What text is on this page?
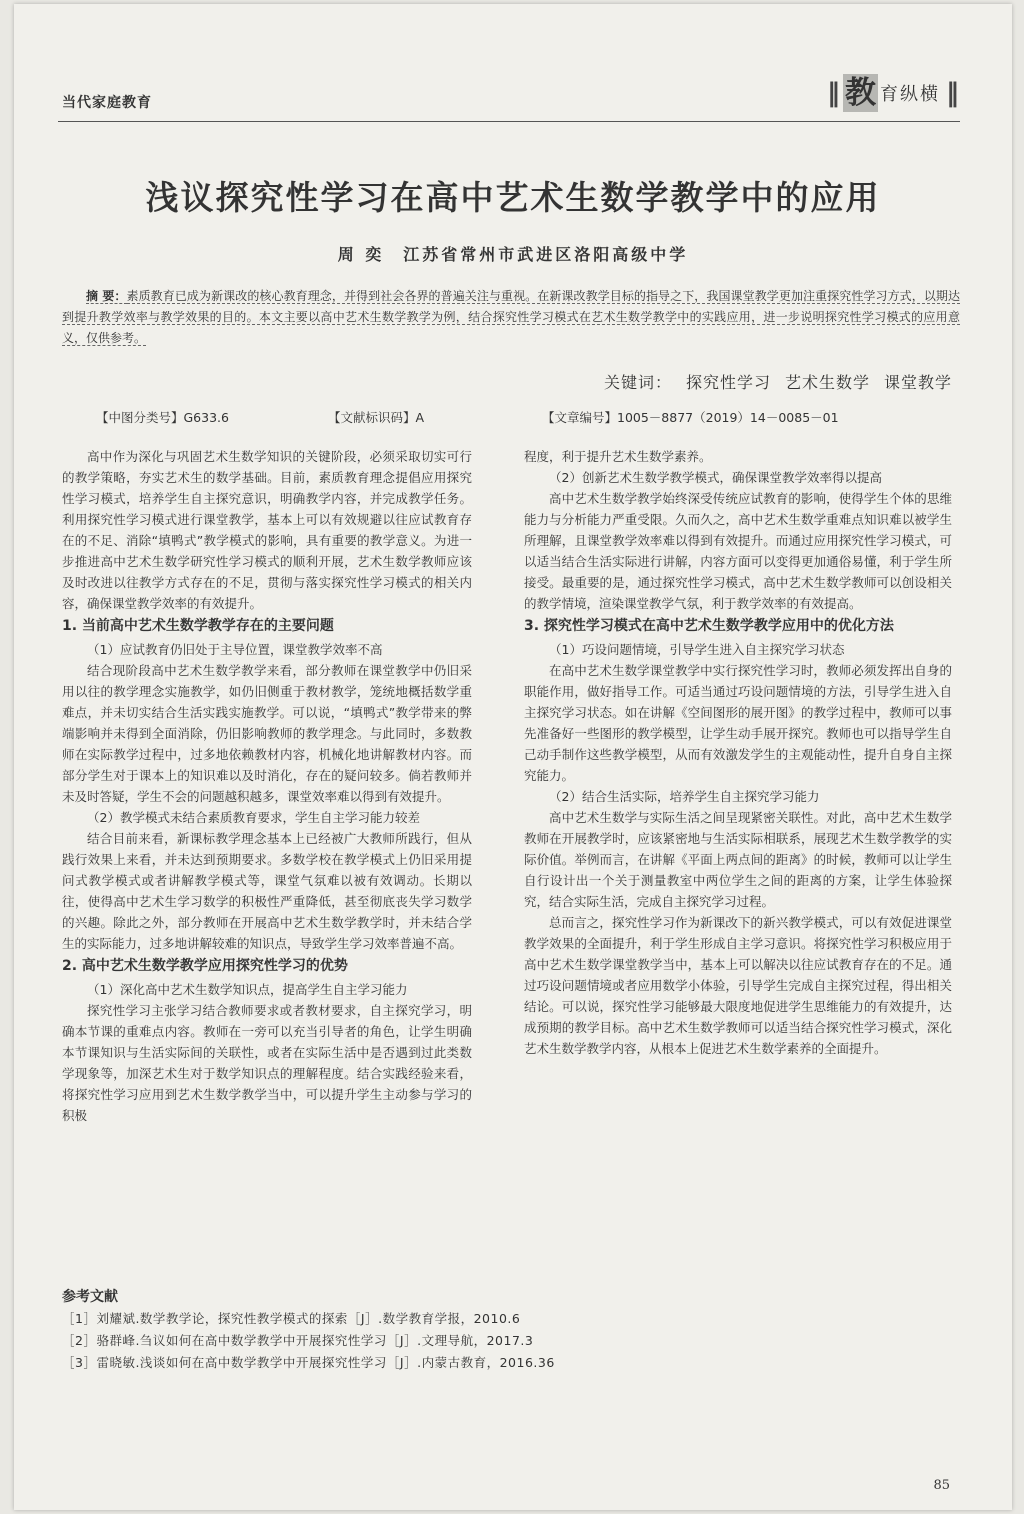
当代家庭教育	‖ 教 育纵横 ‖
浅议探究性学习在高中艺术生数学教学中的应用
周 奕　江苏省常州市武进区洛阳高级中学
摘 要：素质教育已成为新课改的核心教育理念，并得到社会各界的普遍关注与重视。在新课改教学目标的指导之下，我国课堂教学更加注重探究性学习方式，以期达到提升教学效率与教学效果的目的。本文主要以高中艺术生数学教学为例，结合探究性学习模式在艺术生数学教学中的实践应用，进一步说明探究性学习模式的应用意义，仅供参考。
关键词： 探究性学习 艺术生数学 课堂教学
【中图分类号】G633.6	【文献标识码】A	【文章编号】1005－8877（2019）14－0085－01

高中作为深化与巩固艺术生数学知识的关键阶段，必须采取切实可行的教学策略，夯实艺术生的数学基础。目前，素质教育理念提倡应用探究性学习模式，培养学生自主探究意识，明确教学内容，并完成教学任务。利用探究性学习模式进行课堂教学，基本上可以有效规避以往应试教育存在的不足、消除“填鸭式”教学模式的影响，具有重要的教学意义。为进一步推进高中艺术生数学研究性学习模式的顺利开展，艺术生数学教师应该及时改进以往教学方式存在的不足，贯彻与落实探究性学习模式的相关内容，确保课堂教学效率的有效提升。

1. 当前高中艺术生数学教学存在的主要问题
（1）应试教育仍旧处于主导位置，课堂教学效率不高

结合现阶段高中艺术生数学教学来看，部分教师在课堂教学中仍旧采用以往的教学理念实施教学，如仍旧侧重于教材教学，笼统地概括数学重难点，并未切实结合生活实践实施教学。可以说，“填鸭式”教学带来的弊端影响并未得到全面消除，仍旧影响教师的教学理念。与此同时，多数教师在实际教学过程中，过多地依赖教材内容，机械化地讲解教材内容。而部分学生对于课本上的知识难以及时消化，存在的疑问较多。倘若教师并未及时答疑，学生不会的问题越积越多，课堂效率难以得到有效提升。

（2）教学模式未结合素质教育要求，学生自主学习能力较差

结合目前来看，新课标教学理念基本上已经被广大教师所践行，但从践行效果上来看，并未达到预期要求。多数学校在教学模式上仍旧采用提问式教学模式或者讲解教学模式等，课堂气氛难以被有效调动。长期以往，使得高中艺术生学习数学的积极性严重降低，甚至彻底丧失学习数学的兴趣。除此之外，部分教师在开展高中艺术生数学教学时，并未结合学生的实际能力，过多地讲解较难的知识点，导致学生学习效率普遍不高。

2. 高中艺术生数学教学应用探究性学习的优势
（1）深化高中艺术生数学知识点，提高学生自主学习能力

探究性学习主张学习结合教师要求或者教材要求，自主探究学习，明确本节课的重难点内容。教师在一旁可以充当引导者的角色，让学生明确本节课知识与生活实际间的关联性，或者在实际生活中是否遇到过此类数学现象等，加深艺术生对于数学知识点的理解程度。结合实践经验来看，将探究性学习应用到艺术生数学教学当中，可以提升学生主动参与学习的积极

程度，利于提升艺术生数学素养。

（2）创新艺术生数学教学模式，确保课堂教学效率得以提高

高中艺术生数学教学始终深受传统应试教育的影响，使得学生个体的思维能力与分析能力严重受限。久而久之，高中艺术生数学重难点知识难以被学生所理解，且课堂教学效率难以得到有效提升。而通过应用探究性学习模式，可以适当结合生活实际进行讲解，内容方面可以变得更加通俗易懂，利于学生所接受。最重要的是，通过探究性学习模式，高中艺术生数学教师可以创设相关的教学情境，渲染课堂教学气氛，利于教学效率的有效提高。

3. 探究性学习模式在高中艺术生数学教学应用中的优化方法
（1）巧设问题情境，引导学生进入自主探究学习状态

在高中艺术生数学课堂教学中实行探究性学习时，教师必须发挥出自身的职能作用，做好指导工作。可适当通过巧设问题情境的方法，引导学生进入自主探究学习状态。如在讲解《空间图形的展开图》的教学过程中，教师可以事先准备好一些图形的教学模型，让学生动手展开探究。教师也可以指导学生自己动手制作这些教学模型，从而有效激发学生的主观能动性，提升自身自主探究能力。

（2）结合生活实际，培养学生自主探究学习能力

高中艺术生数学与实际生活之间呈现紧密关联性。对此，高中艺术生数学教师在开展教学时，应该紧密地与生活实际相联系，展现艺术生数学教学的实际价值。举例而言，在讲解《平面上两点间的距离》的时候，教师可以让学生自行设计出一个关于测量教室中两位学生之间的距离的方案，让学生体验探究，结合实际生活，完成自主探究学习过程。

总而言之，探究性学习作为新课改下的新兴教学模式，可以有效促进课堂教学效果的全面提升，利于学生形成自主学习意识。将探究性学习积极应用于高中艺术生数学课堂教学当中，基本上可以解决以往应试教育存在的不足。通过巧设问题情境或者应用数学小体验，引导学生完成自主探究过程，得出相关结论。可以说，探究性学习能够最大限度地促进学生思维能力的有效提升，达成预期的教学目标。高中艺术生数学教师可以适当结合探究性学习模式，深化艺术生数学教学内容，从根本上促进艺术生数学素养的全面提升。

参考文献
［1］刘耀斌.数学教学论，探究性教学模式的探索［J］.数学教育学报，2010.6
［2］骆群峰.刍议如何在高中数学教学中开展探究性学习［J］.文理导航，2017.3
［3］雷晓敏.浅谈如何在高中数学教学中开展探究性学习［J］.内蒙古教育，2016.36
85
